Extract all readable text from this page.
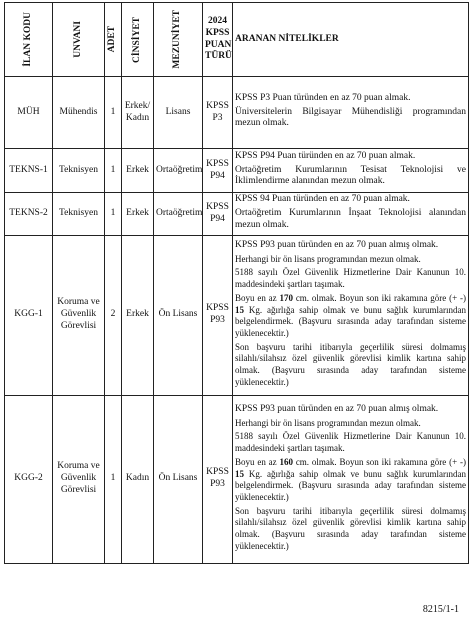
İLAN KODU	UNVANI	ADET	CİNSİYET	MEZUNİYET	2024
KPSS
PUAN
TÜRÜ	ARANAN NİTELİKLER
MÜH	Mühendis	1	Erkek/ Kadın	Lisans	KPSS P3	KPSS P3 Puan türünden en az 70 puan almak.

Üniversitelerin Bilgisayar Mühendisliği programından mezun olmak.

TEKNS-1	Teknisyen	1	Erkek	Ortaöğretim	KPSS P94	KPSS P94 Puan türünden en az 70 puan almak.

Ortaöğretim Kurumlarının Tesisat Teknolojisi ve İklimlendirme alanından mezun olmak.

TEKNS-2	Teknisyen	1	Erkek	Ortaöğretim	KPSS P94	KPSS 94 Puan türünden en az 70 puan almak.

Ortaöğretim Kurumlarının İnşaat Teknolojisi alanından mezun olmak.

KGG-1	Koruma ve Güvenlik Görevlisi	2	Erkek	Ön Lisans	KPSS P93	KPSS P93 puan türünden en az 70 puan almış olmak.

Herhangi bir ön lisans programından mezun olmak.

5188 sayılı Özel Güvenlik Hizmetlerine Dair Kanunun 10. maddesindeki şartları taşımak.

Boyu en az 170 cm. olmak. Boyun son iki rakamına göre (+ -) 15 Kg. ağırlığa sahip olmak ve bunu sağlık kurumlarından belgelendirmek. (Başvuru sırasında aday tarafından sisteme yüklenecektir.)

Son başvuru tarihi itibarıyla geçerlilik süresi dolmamış silahlı/silahsız özel güvenlik görevlisi kimlik kartına sahip olmak. (Başvuru sırasında aday tarafından sisteme yüklenecektir.)

KGG-2	Koruma ve Güvenlik Görevlisi	1	Kadın	Ön Lisans	KPSS P93	KPSS P93 puan türünden en az 70 puan almış olmak.

Herhangi bir ön lisans programından mezun olmak.

5188 sayılı Özel Güvenlik Hizmetlerine Dair Kanunun 10. maddesindeki şartları taşımak.

Boyu en az 160 cm. olmak. Boyun son iki rakamına göre (+ -) 15 Kg. ağırlığa sahip olmak ve bunu sağlık kurumlarından belgelendirmek. (Başvuru sırasında aday tarafından sisteme yüklenecektir.)

Son başvuru tarihi itibarıyla geçerlilik süresi dolmamış silahlı/silahsız özel güvenlik görevlisi kimlik kartına sahip olmak. (Başvuru sırasında aday tarafından sisteme yüklenecektir.)

8215/1-1
